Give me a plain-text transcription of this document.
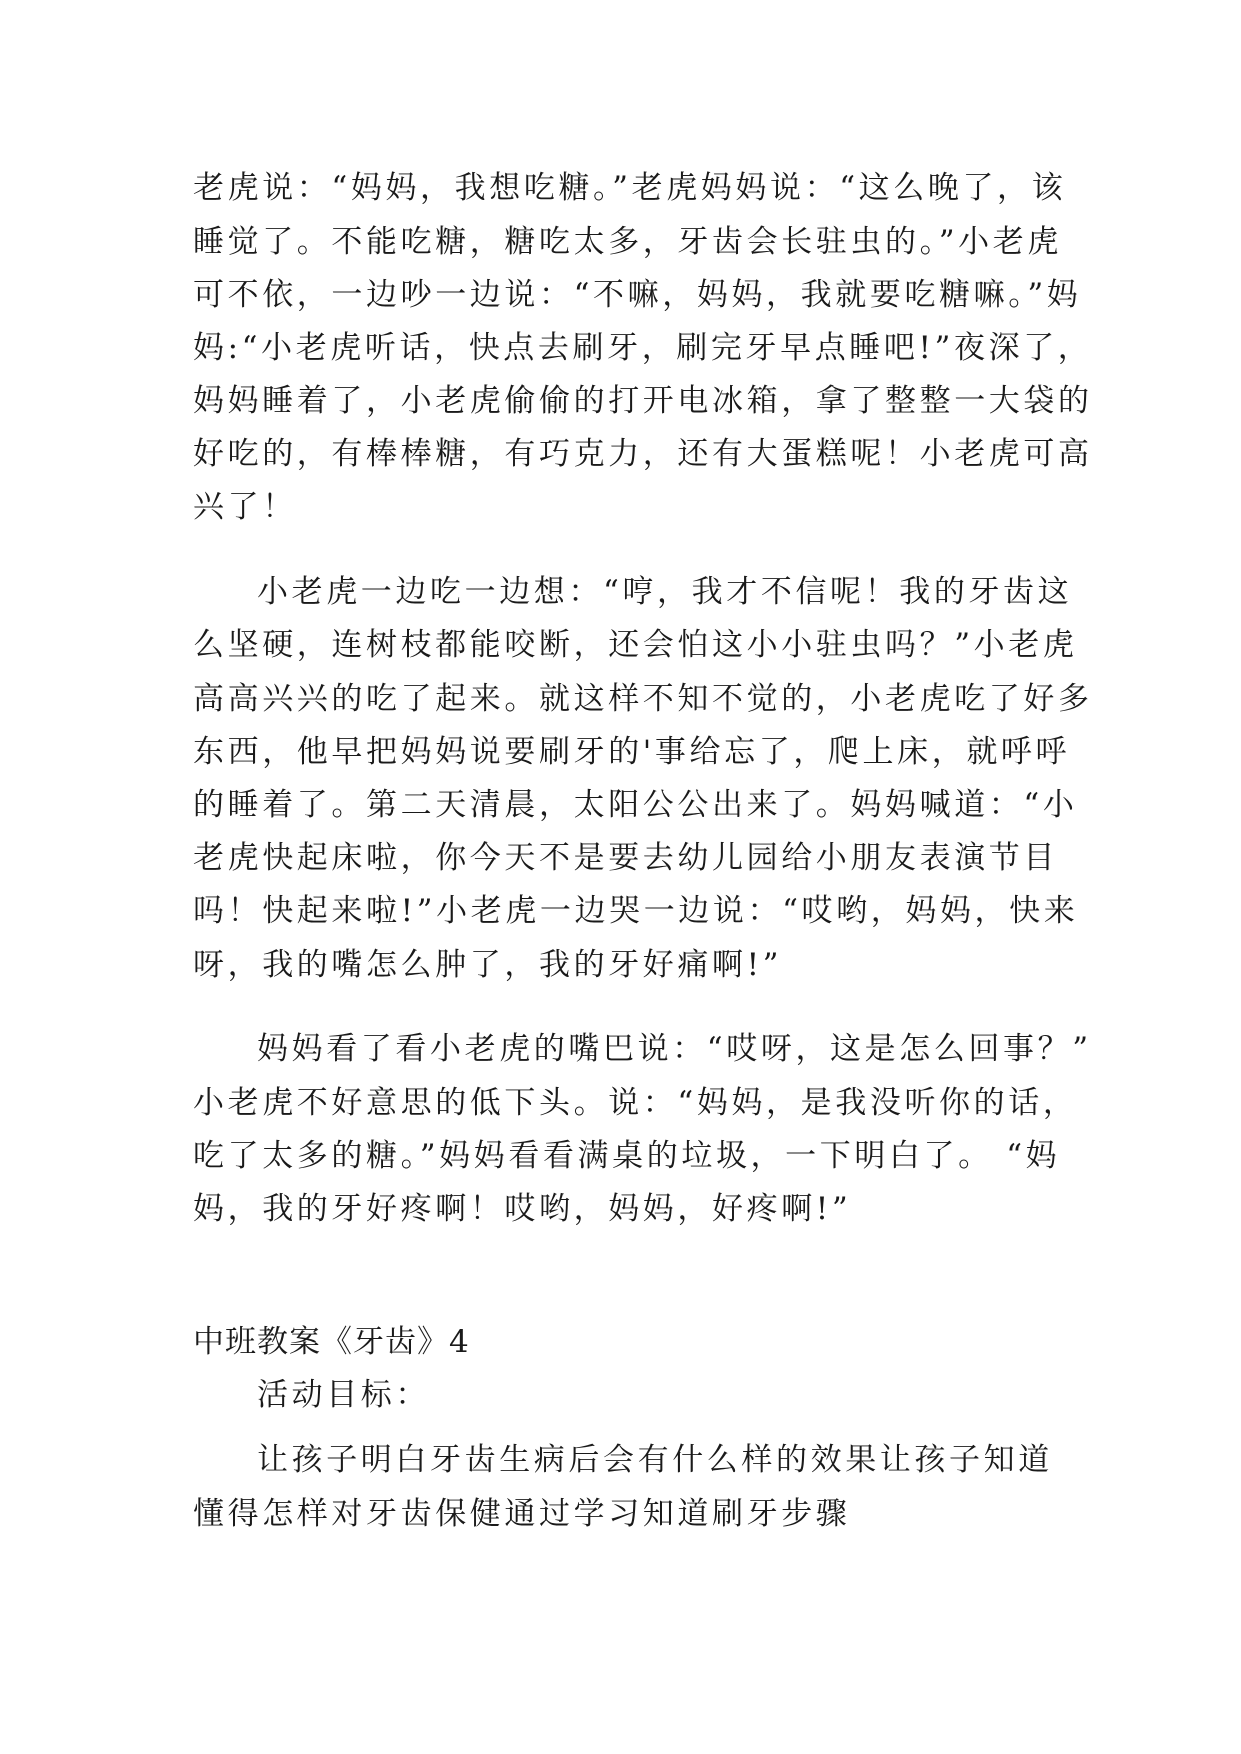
老虎说：“妈妈，我想吃糖。”老虎妈妈说：“这么晚了，该
睡觉了。不能吃糖，糖吃太多，牙齿会长驻虫的。”小老虎
可不依，一边吵一边说：“不嘛，妈妈，我就要吃糖嘛。”妈
妈:“小老虎听话，快点去刷牙，刷完牙早点睡吧!”夜深了，
妈妈睡着了，小老虎偷偷的打开电冰箱，拿了整整一大袋的
好吃的，有棒棒糖，有巧克力，还有大蛋糕呢！小老虎可高
兴了！
小老虎一边吃一边想：“哼，我才不信呢！我的牙齿这
么坚硬，连树枝都能咬断，还会怕这小小驻虫吗？”小老虎
高高兴兴的吃了起来。就这样不知不觉的，小老虎吃了好多
东西，他早把妈妈说要刷牙的'事给忘了，爬上床，就呼呼
的睡着了。第二天清晨，太阳公公出来了。妈妈喊道：“小
老虎快起床啦，你今天不是要去幼儿园给小朋友表演节目
吗！快起来啦!”小老虎一边哭一边说：“哎哟，妈妈，快来
呀，我的嘴怎么肿了，我的牙好痛啊!”
妈妈看了看小老虎的嘴巴说：“哎呀，这是怎么回事？”
小老虎不好意思的低下头。说：“妈妈，是我没听你的话，
吃了太多的糖。”妈妈看看满桌的垃圾，一下明白了。 “妈
妈，我的牙好疼啊！哎哟，妈妈，好疼啊!”
中班教案《牙齿》4
活动目标：
让孩子明白牙齿生病后会有什么样的效果让孩子知道
懂得怎样对牙齿保健通过学习知道刷牙步骤
